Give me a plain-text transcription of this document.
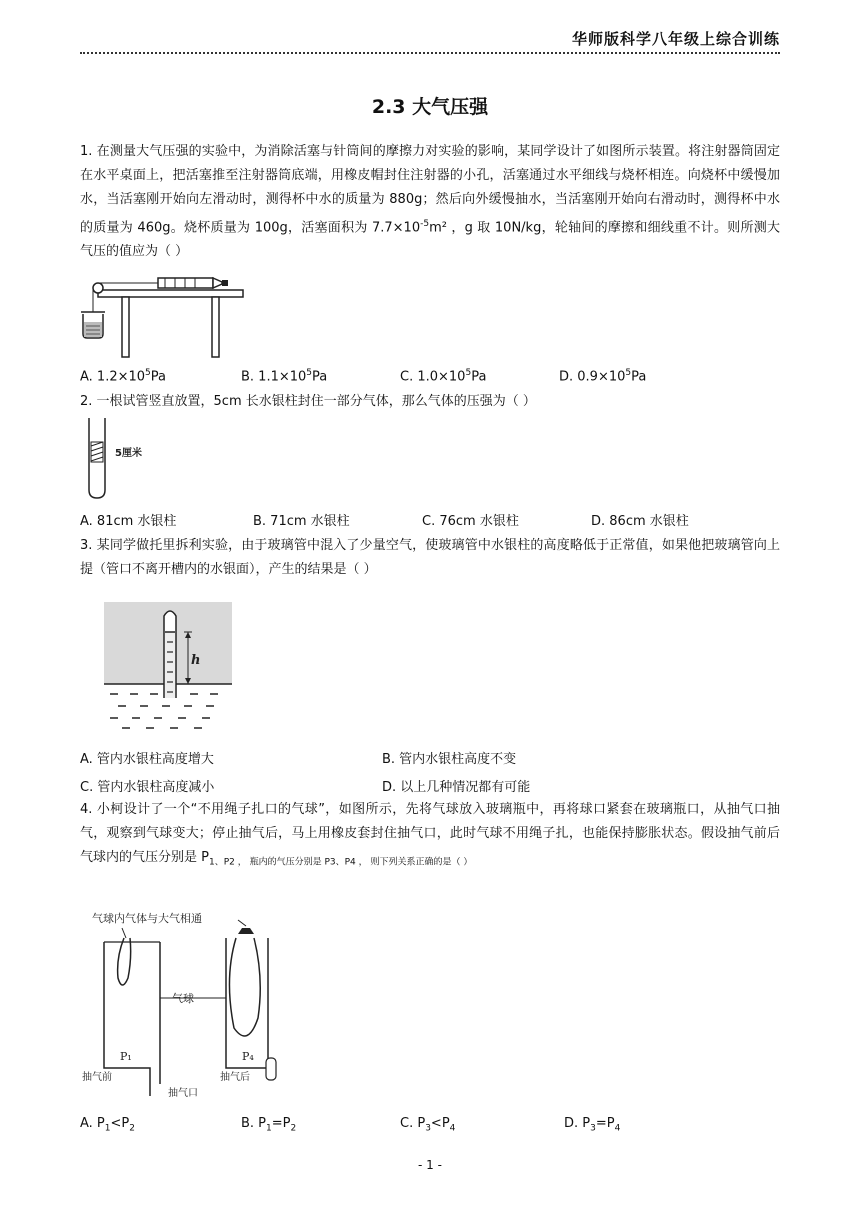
华师版科学八年级上综合训练
2.3 大气压强
1. 在测量大气压强的实验中，为消除活塞与针筒间的摩擦力对实验的影响，某同学设计了如图所示装置。将注射器筒固定在水平桌面上，把活塞推至注射器筒底端，用橡皮帽封住注射器的小孔，活塞通过水平细线与烧杯相连。向烧杯中缓慢加水，当活塞刚开始向左滑动时，测得杯中水的质量为 880g；然后向外缓慢抽水，当活塞刚开始向右滑动时，测得杯中水的质量为 460g。烧杯质量为 100g，活塞面积为 $7.7\times 10^{-5}m^2$ ，g 取 10N/kg，轮轴间的摩擦和细线重不计。则所测大气压的值应为（ ）
A. $1.2\times 10^5Pa$	B. $1.1\times 10^5Pa$	C. $1.0\times 10^5Pa$	D. $0.9\times 10^5Pa$
2. 一根试管竖直放置，5cm 长水银柱封住一部分气体，那么气体的压强为（ ）
5厘米
A. 81cm 水银柱	B. 71cm 水银柱	C. 76cm 水银柱	D. 86cm 水银柱
3. 某同学做托里拆利实验，由于玻璃管中混入了少量空气，使玻璃管中水银柱的高度略低于正常值，如果他把玻璃管向上提（管口不离开槽内的水银面），产生的结果是（ ）
h
A. 管内水银柱高度增大	B. 管内水银柱高度不变
C. 管内水银柱高度减小	D. 以上几种情况都有可能
4. 小柯设计了一个“不用绳子扎口的气球”，如图所示，先将气球放入玻璃瓶中，再将球口紧套在玻璃瓶口，从抽气口抽气，观察到气球变大；停止抽气后，马上用橡皮套封住抽气口，此时气球不用绳子扎，也能保持膨胀状态。假设抽气前后气球内的气压分别是 $P_{1、P2 , 瓶内的气压分别是 P3、P4 , 则下列关系正确的是( )}$
气球内气体与大气相通
气球
P₁	P₄
抽气前
抽气口
抽气后
A. $P_1<P_2$	B. $P_1=P_2$	C. $P_3<P_4$	D. $P_3=P_4$
- 1 -
